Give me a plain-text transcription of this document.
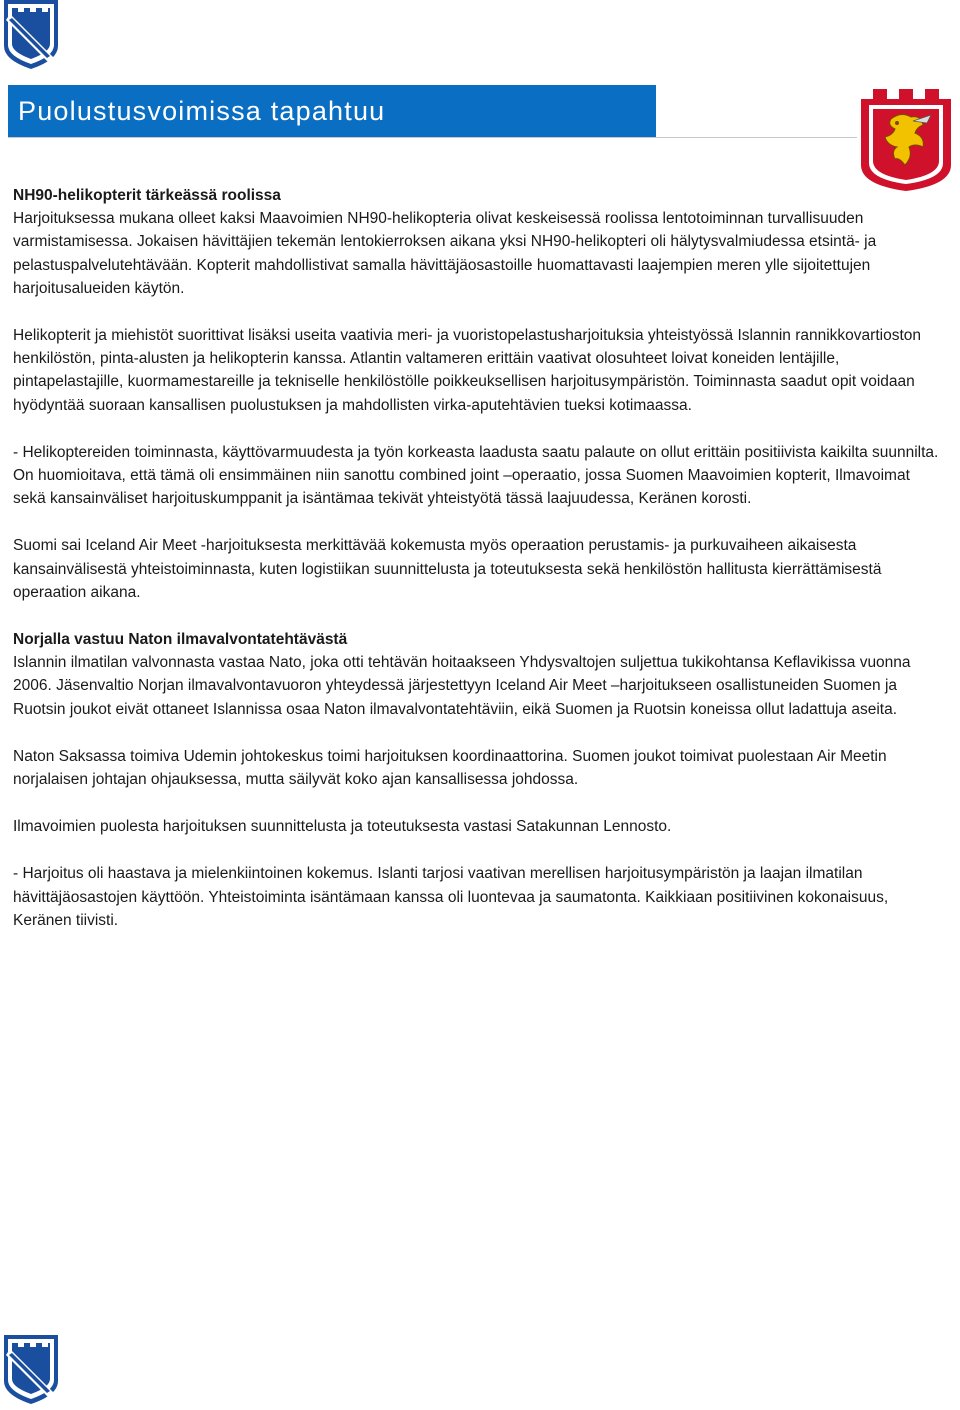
Puolustusvoimissa tapahtuu
NH90-helikopterit tärkeässä roolissa

Harjoituksessa mukana olleet kaksi Maavoimien NH90-helikopteria olivat keskeisessä roolissa lentotoiminnan turvallisuuden varmistamisessa. Jokaisen hävittäjien tekemän lentokierroksen aikana yksi NH90-helikopteri oli hälytysvalmiudessa etsintä- ja pelastuspalvelutehtävään. Kopterit mahdollistivat samalla hävittäjäosastoille huomattavasti laajempien meren ylle sijoitettujen harjoitusalueiden käytön.

Helikopterit ja miehistöt suorittivat lisäksi useita vaativia meri- ja vuoristopelastusharjoituksia yhteistyössä Islannin rannikkovartioston henkilöstön, pinta-alusten ja helikopterin kanssa. Atlantin valtameren erittäin vaativat olosuhteet loivat koneiden lentäjille, pintapelastajille, kuormamestareille ja tekniselle henkilöstölle poikkeuksellisen harjoitusympäristön. Toiminnasta saadut opit voidaan hyödyntää suoraan kansallisen puolustuksen ja mahdollisten virka-aputehtävien tueksi kotimaassa.

- Helikoptereiden toiminnasta, käyttövarmuudesta ja työn korkeasta laadusta saatu palaute on ollut erittäin positiivista kaikilta suunnilta. On huomioitava, että tämä oli ensimmäinen niin sanottu combined joint –operaatio, jossa Suomen Maavoimien kopterit, Ilmavoimat sekä kansainväliset harjoituskumppanit ja isäntämaa tekivät yhteistyötä tässä laajuudessa, Keränen korosti.

Suomi sai Iceland Air Meet -harjoituksesta merkittävää kokemusta myös operaation perustamis- ja purkuvaiheen aikaisesta kansainvälisestä yhteistoiminnasta, kuten logistiikan suunnittelusta ja toteutuksesta sekä henkilöstön hallitusta kierrättämisestä operaation aikana.

Norjalla vastuu Naton ilmavalvontatehtävästä

Islannin ilmatilan valvonnasta vastaa Nato, joka otti tehtävän hoitaakseen Yhdysvaltojen suljettua tukikohtansa Keflavikissa vuonna 2006. Jäsenvaltio Norjan ilmavalvontavuoron yhteydessä järjestettyyn Iceland Air Meet –harjoitukseen osallistuneiden Suomen ja Ruotsin joukot eivät ottaneet Islannissa osaa Naton ilmavalvontatehtäviin, eikä Suomen ja Ruotsin koneissa ollut ladattuja aseita.

Naton Saksassa toimiva Udemin johtokeskus toimi harjoituksen koordinaattorina. Suomen joukot toimivat puolestaan Air Meetin norjalaisen johtajan ohjauksessa, mutta säilyvät koko ajan kansallisessa johdossa.

Ilmavoimien puolesta harjoituksen suunnittelusta ja toteutuksesta vastasi Satakunnan Lennosto.

- Harjoitus oli haastava ja mielenkiintoinen kokemus. Islanti tarjosi vaativan merellisen harjoitusympäristön ja laajan ilmatilan hävittäjäosastojen käyttöön. Yhteistoiminta isäntämaan kanssa oli luontevaa ja saumatonta. Kaikkiaan positiivinen kokonaisuus, Keränen tiivisti.
